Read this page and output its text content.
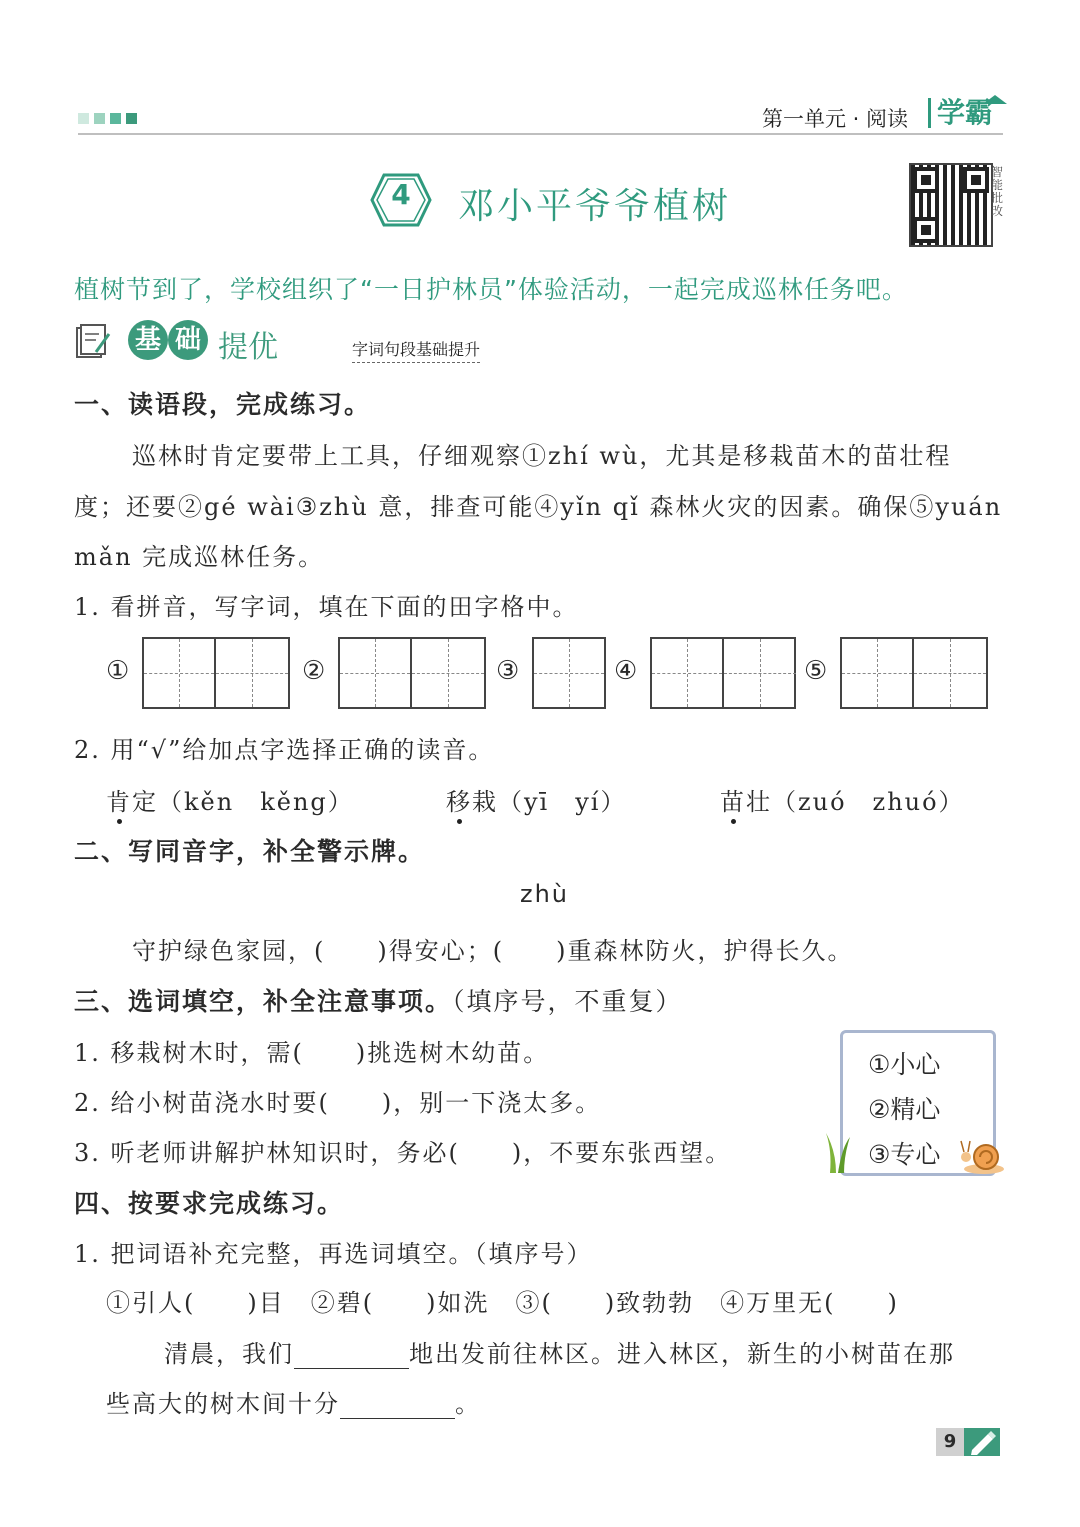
第一单元 · 阅读	学霸
4	邓小平爷爷植树
智能批改
植树节到了，学校组织了“一日护林员”体验活动，一起完成巡林任务吧。
基 础 提优	字词句段基础提升
一、读语段，完成练习。
巡林时肯定要带上工具，仔细观察①zhí wù，尤其是移栽苗木的苗壮程
度；还要②gé wài③zhù 意，排查可能④yǐn qǐ 森林火灾的因素。确保⑤yuán
mǎn 完成巡林任务。
1. 看拼音，写字词，填在下面的田字格中。
①	②	③	④	⑤
2. 用“√”给加点字选择正确的读音。
肯定（kěn　kěng）	移栽（yī　yí）	苗壮（zuó　zhuó）
二、写同音字，补全警示牌。
zhù
守护绿色家园，(　　)得安心；(　　)重森林防火，护得长久。
三、选词填空，补全注意事项。（填序号，不重复）
1. 移栽树木时，需(　　)挑选树木幼苗。
2. 给小树苗浇水时要(　　)，别一下浇太多。
3. 听老师讲解护林知识时，务必(　　)，不要东张西望。
①小心
②精心
③专心
四、按要求完成练习。
1. 把词语补充完整，再选词填空。（填序号）
①引人(　　)目　②碧(　　)如洗　③(　　)致勃勃　④万里无(　　)
清晨，我们	地出发前往林区。进入林区，新生的小树苗在那
些高大的树木间十分	。
9
